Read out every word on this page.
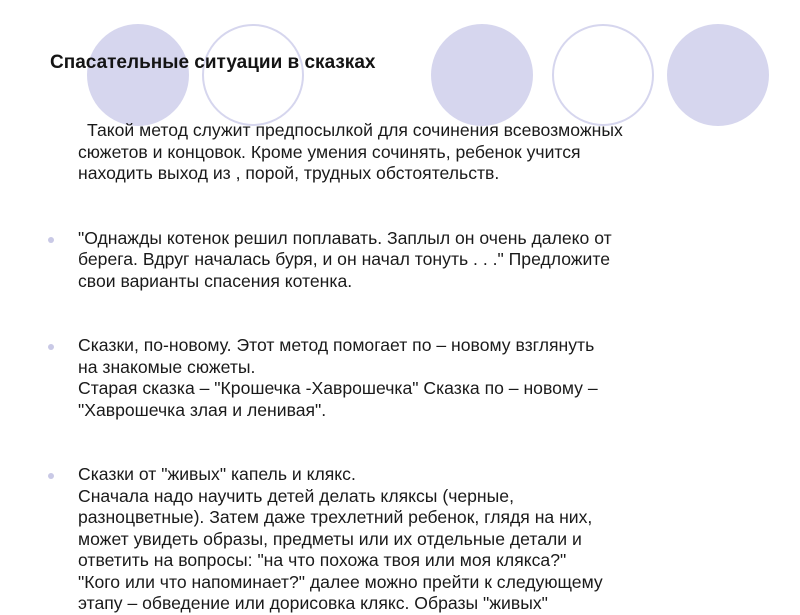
Спасательные ситуации в сказках
Такой метод служит предпосылкой для сочинения всевозможных
сюжетов и концовок. Кроме умения сочинять, ребенок учится
находить выход из , порой, трудных обстоятельств.
"Однажды котенок решил поплавать. Заплыл он очень далеко от
берега. Вдруг началась буря, и он начал тонуть . . ." Предложите
свои варианты спасения котенка.
Сказки, по-новому. Этот метод помогает по – новому взглянуть
на знакомые сюжеты.
Старая сказка – "Крошечка -Хаврошечка" Сказка по – новому –
"Хаврошечка злая и ленивая".
Сказки от "живых" капель и клякс.
Сначала надо научить детей делать кляксы (черные,
разноцветные). Затем даже трехлетний ребенок, глядя на них,
может увидеть образы, предметы или их отдельные детали и
ответить на вопросы: "на что похожа твоя или моя клякса?"
"Кого или что напоминает?" далее можно прейти к следующему
этапу – обведение или дорисовка клякс. Образы "живых"
